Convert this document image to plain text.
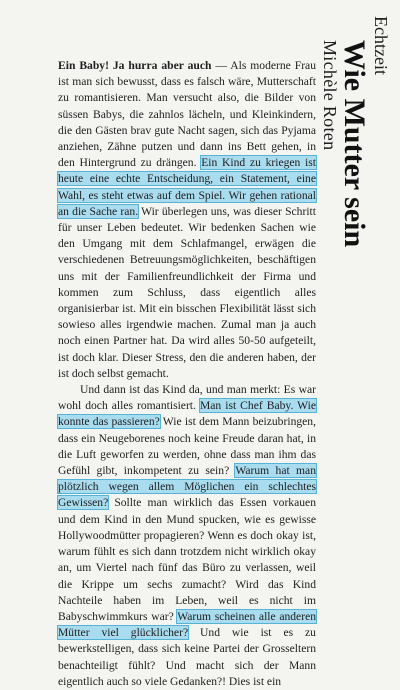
Ein Baby! Ja hurra aber auch — Als moderne Frau ist man sich bewusst, dass es falsch wäre, Mutterschaft zu romantisieren. Man versucht also, die Bilder von süssen Babys, die zahnlos lächeln, und Kleinkindern, die den Gästen brav gute Nacht sagen, sich das Pyjama anziehen, Zähne putzen und dann ins Bett gehen, in den Hintergrund zu drängen. Ein Kind zu kriegen ist heute eine echte Entscheidung, ein Statement, eine Wahl, es steht etwas auf dem Spiel. Wir gehen rational an die Sache ran. Wir überlegen uns, was dieser Schritt für unser Leben bedeutet. Wir bedenken Sachen wie den Umgang mit dem Schlafmangel, erwägen die verschiedenen Betreuungsmöglichkeiten, beschäftigen uns mit der Familienfreundlichkeit der Firma und kommen zum Schluss, dass eigentlich alles organisierbar ist. Mit ein bisschen Flexibilität lässt sich sowieso alles irgendwie machen. Zumal man ja auch noch einen Partner hat. Da wird alles 50-50 aufgeteilt, ist doch klar. Dieser Stress, den die anderen haben, der ist doch selbst gemacht.

Und dann ist das Kind da, und man merkt: Es war wohl doch alles romantisiert. Man ist Chef Baby. Wie konnte das passieren? Wie ist dem Mann beizubringen, dass ein Neugeborenes noch keine Freude daran hat, in die Luft geworfen zu werden, ohne dass man ihm das Gefühl gibt, inkompetent zu sein? Warum hat man plötzlich wegen allem Möglichen ein schlechtes Gewissen? Sollte man wirklich das Essen vorkauen und dem Kind in den Mund spucken, wie es gewisse Hollywoodmütter propagieren? Wenn es doch okay ist, warum fühlt es sich dann trotzdem nicht wirklich okay an, um Viertel nach fünf das Büro zu verlassen, weil die Krippe um sechs zumacht? Wird das Kind Nachteile haben im Leben, weil es nicht im Babyschwimmkurs war? Warum scheinen alle anderen Mütter viel glücklicher? Und wie ist es zu bewerkstelligen, dass sich keine Partei der Grosseltern benachteiligt fühlt? Und macht sich der Mann eigentlich auch so viele Gedanken?! Dies ist ein

Michèle Roten
Wie Mutter sein Echtzeit
